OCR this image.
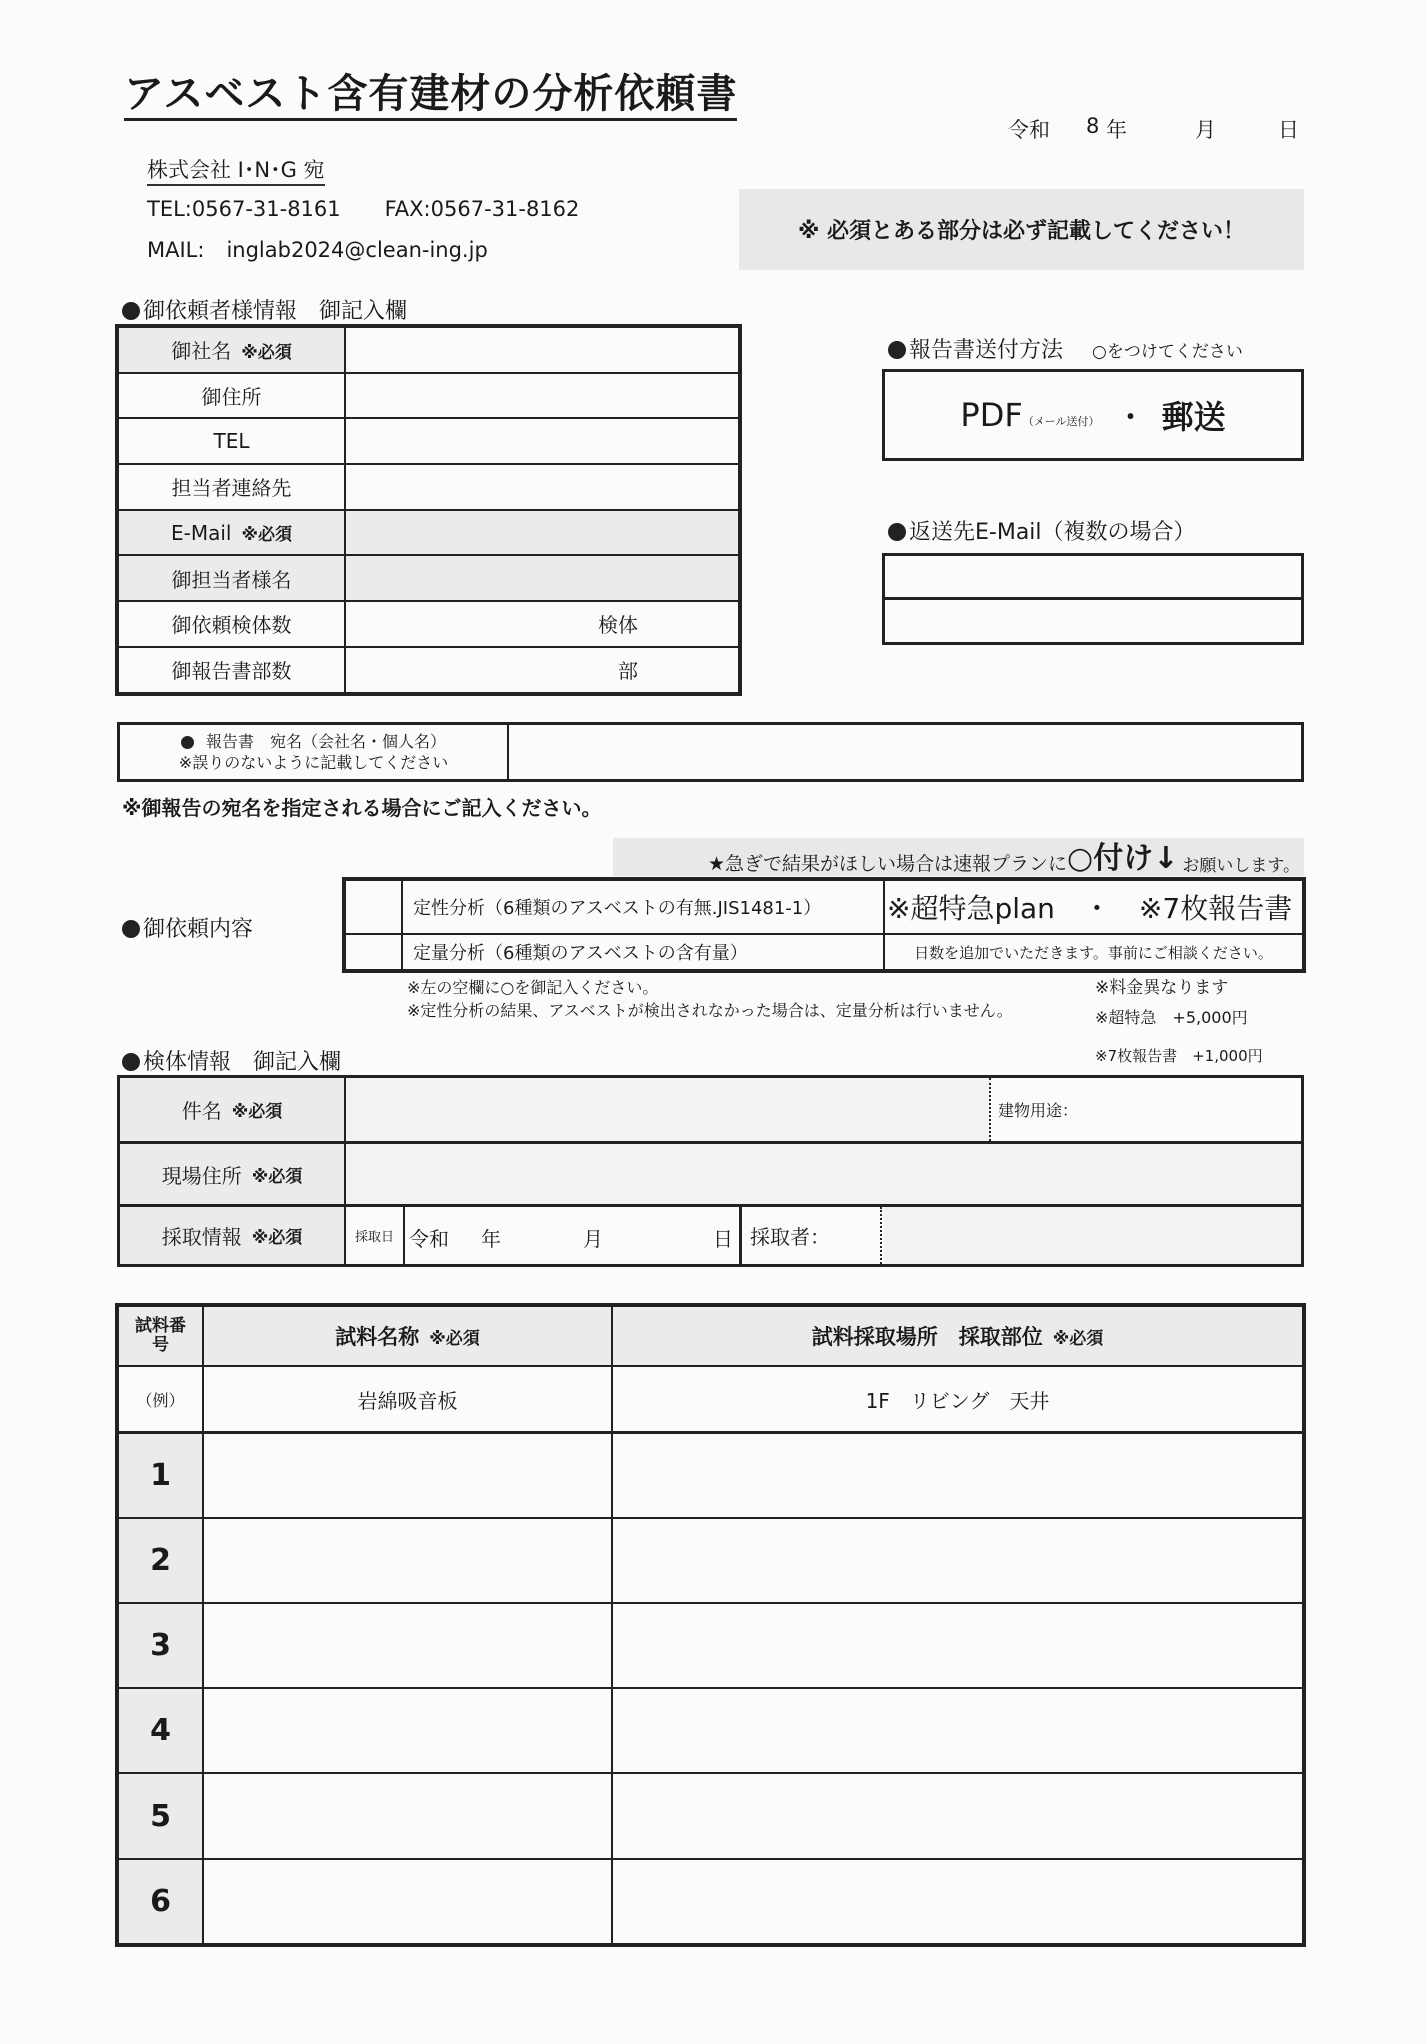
アスベスト含有建材の分析依頼書
令和 8 年	月	日
株式会社 I･N･G 宛
TEL:0567-31-8161 FAX:0567-31-8162
MAIL: inglab2024@clean-ing.jp
※ 必須とある部分は必ず記載してください！
御依頼者様情報　御記入欄
御社名 ※必須	
御住所	
TEL	
担当者連絡先	
E-Mail ※必須	
御担当者様名	
御依頼検体数	検体
御報告書部数	部
報告書送付方法 ○をつけてください
PDF （メール送付） ・ 郵送
返送先E-Mail（複数の場合）
報告書　宛名（会社名・個人名）
※誤りのないように記載してください
※御報告の宛名を指定される場合にご記入ください。
★急ぎで結果がほしい場合は速報プランに ○付け↓ お願いします。
御依頼内容
	定性分析（6種類のアスベストの有無.JIS1481-1）	※超特急plan　・　※7枚報告書
	定量分析（6種類のアスベストの含有量）	日数を追加でいただきます。事前にご相談ください。
※左の空欄に○を御記入ください。
※定性分析の結果、アスベストが検出されなかった場合は、定量分析は行いません。
※料金異なります
※超特急　+5,000円
※7枚報告書　+1,000円
検体情報　御記入欄
件名 ※必須	建物用途：
現場住所 ※必須
採取情報 ※必須	採取日 令和 年	月	日 採取者：
試料番号	試料名称 ※必須	試料採取場所　採取部位 ※必須
（例）	岩綿吸音板	1F　リビング　天井
1		
2		
3		
4		
5		
6		
